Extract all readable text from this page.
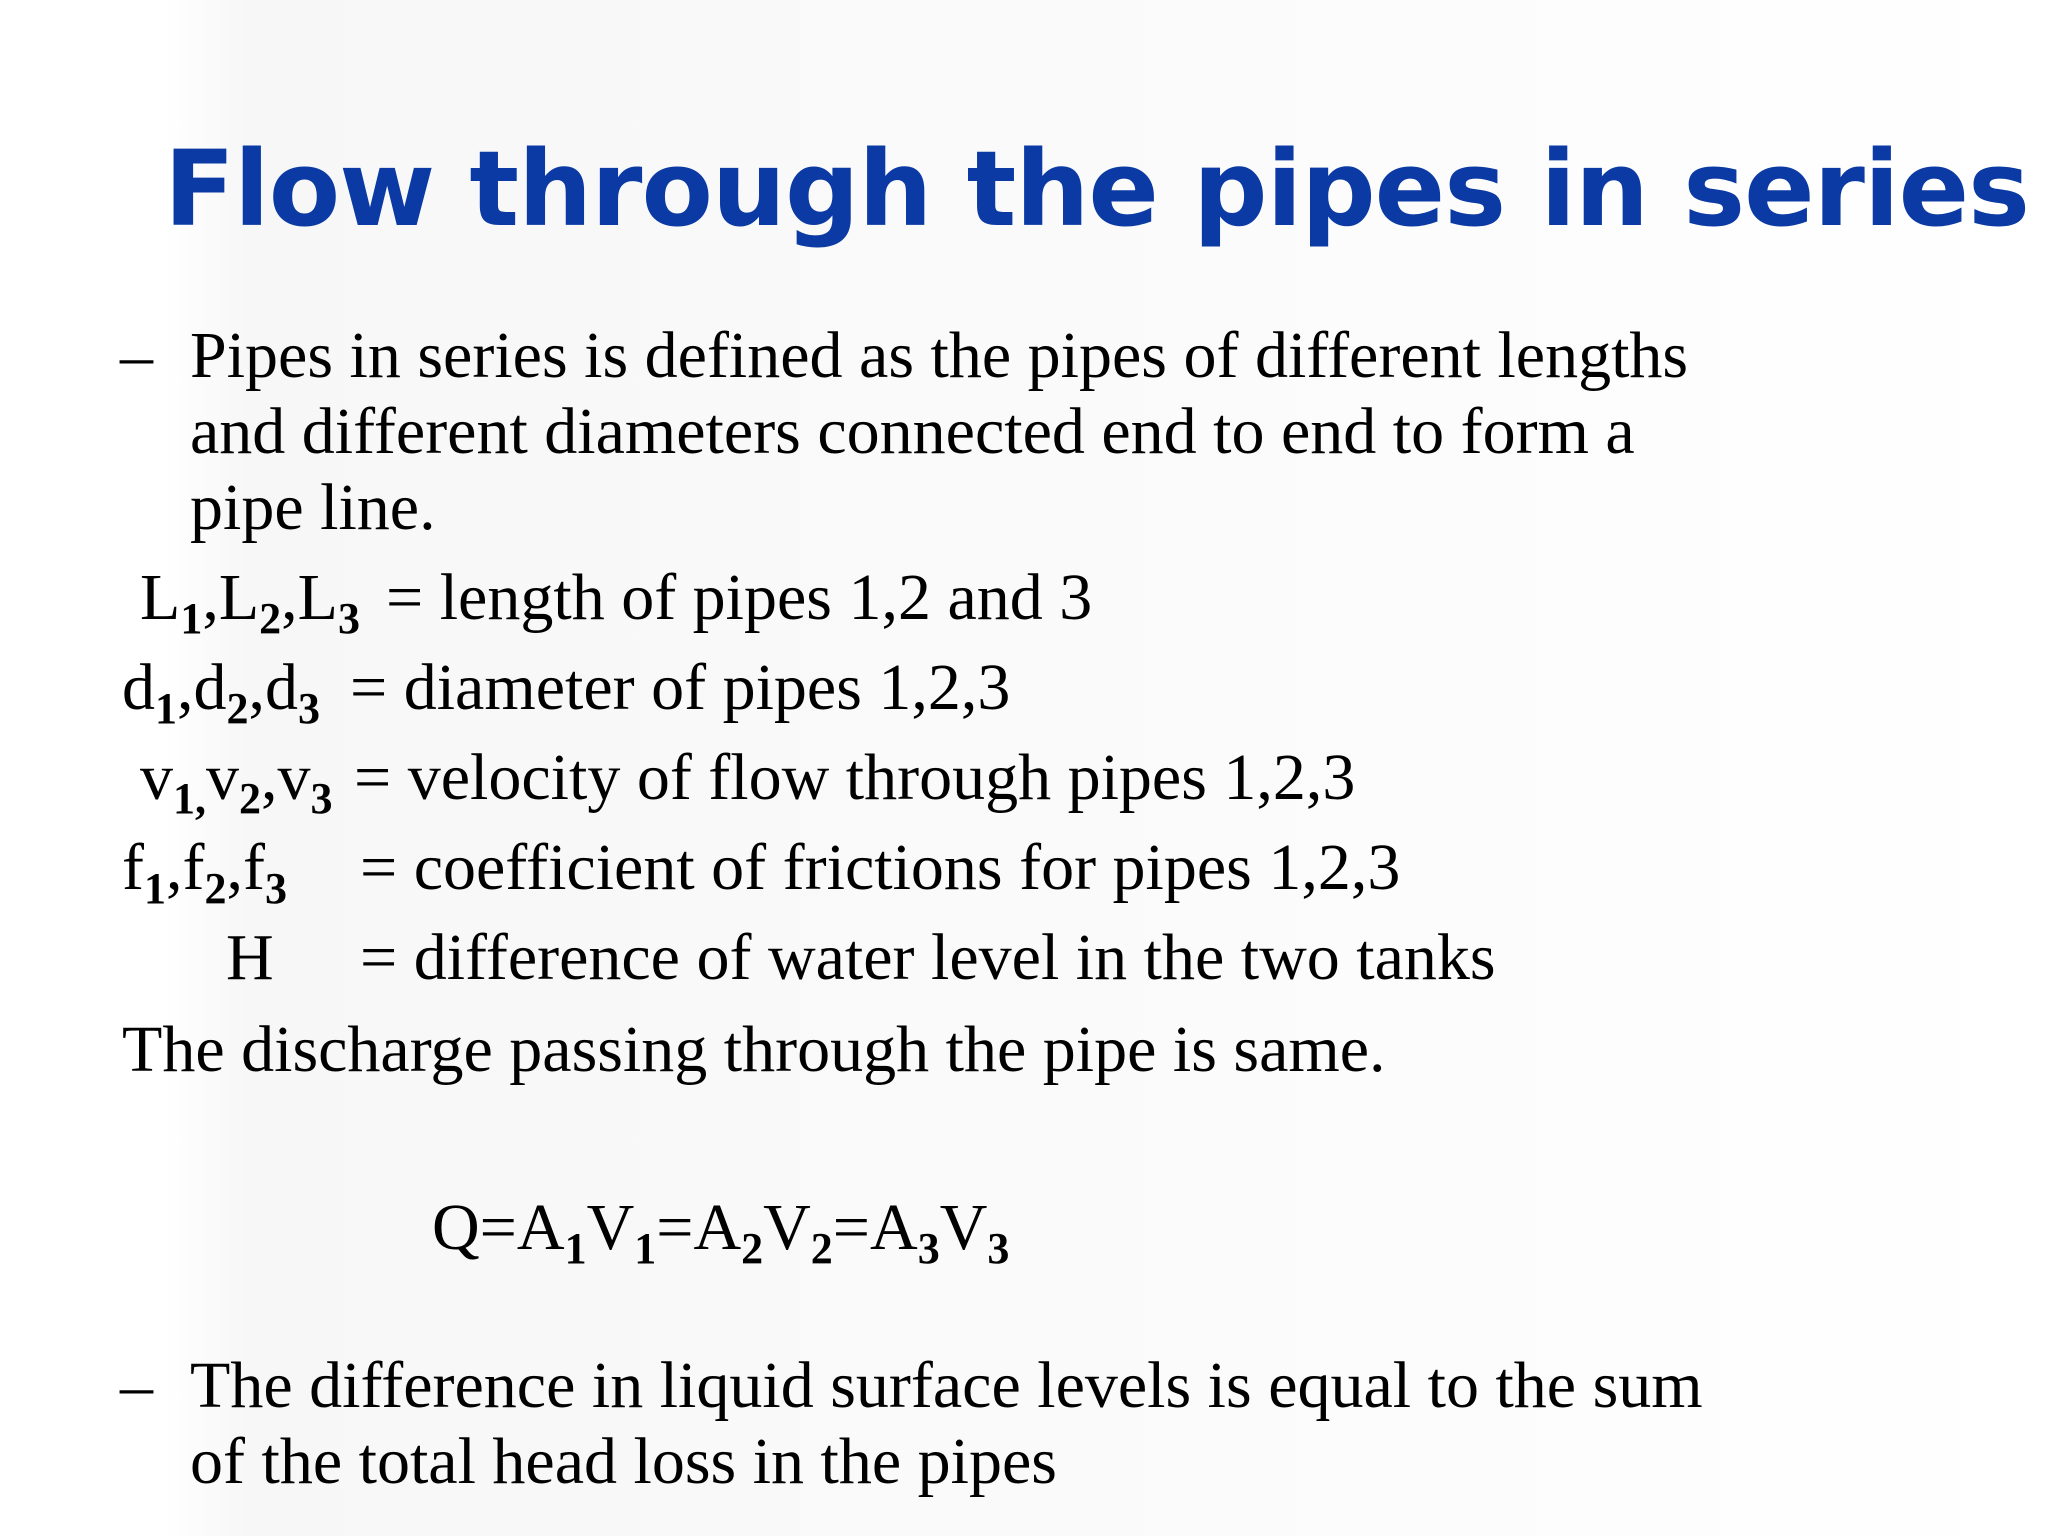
Flow through the pipes in series
– Pipes in series is defined as the pipes of different lengths
and different diameters connected end to end to form a
pipe line.
$L_1,L_2,L_3$ = length of pipes 1,2 and 3
$d_1,d_2,d_3$ = diameter of pipes 1,2,3
$v_{1,}v_2,v_3$ = velocity of flow through pipes 1,2,3
$f_1,f_2,f_3$ = coefficient of frictions for pipes 1,2,3
H = difference of water level in the two tanks
The discharge passing through the pipe is same.
$Q=A_1V_1=A_2V_2=A_3V_3$
– The difference in liquid surface levels is equal to the sum
of the total head loss in the pipes
